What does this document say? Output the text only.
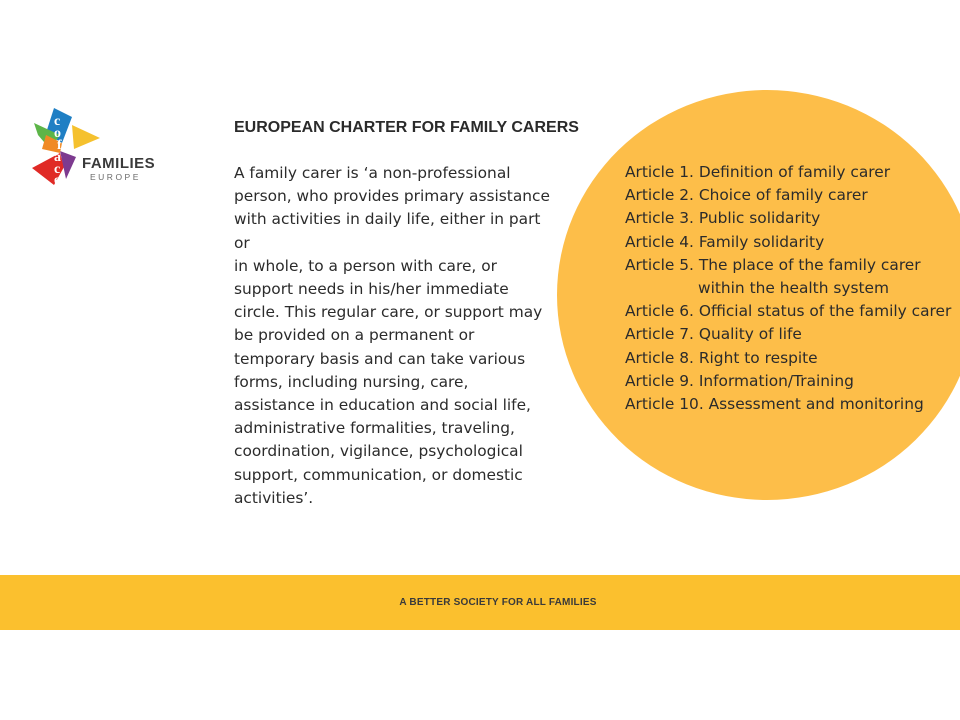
c
o
f
a
c
e
FAMILIES
EUROPE
EUROPEAN CHARTER FOR FAMILY CARERS
A family carer is ‘a non-professional
person, who provides primary assistance
with activities in daily life, either in part or
in whole, to a person with care, or
support needs in his/her immediate
circle. This regular care, or support may
be provided on a permanent or
temporary basis and can take various
forms, including nursing, care,
assistance in education and social life,
administrative formalities, traveling,
coordination, vigilance, psychological
support, communication, or domestic
activities’.
Article 1. Definition of family carer
Article 2. Choice of family carer
Article 3. Public solidarity
Article 4. Family solidarity
Article 5. The place of the family carer
within the health system
Article 6. Official status of the family carer
Article 7. Quality of life
Article 8. Right to respite
Article 9. Information/Training
Article 10. Assessment and monitoring
A BETTER SOCIETY FOR ALL FAMILIES
